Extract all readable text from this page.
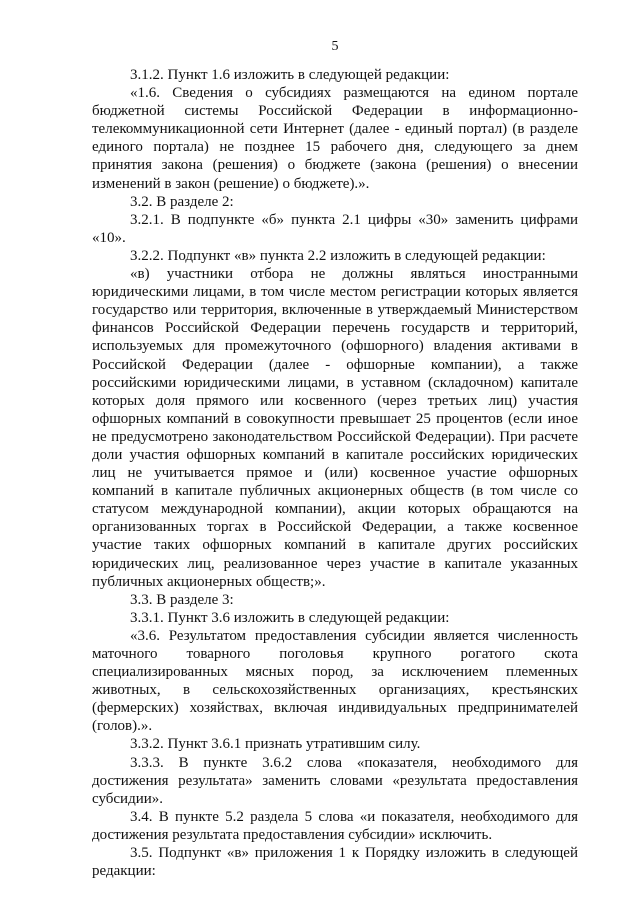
5

3.1.2. Пункт 1.6 изложить в следующей редакции:

«1.6. Сведения о субсидиях размещаются на едином портале бюджетной системы Российской Федерации в информационно-телекоммуникационной сети Интернет (далее - единый портал) (в разделе единого портала) не позднее 15 рабочего дня, следующего за днем принятия закона (решения) о бюджете (закона (решения) о внесении изменений в закон (решение) о бюджете).».

3.2. В разделе 2:

3.2.1. В подпункте «б» пункта 2.1 цифры «30» заменить цифрами «10».

3.2.2. Подпункт «в» пункта 2.2 изложить в следующей редакции:

«в) участники отбора не должны являться иностранными юридическими лицами, в том числе местом регистрации которых является государство или территория, включенные в утверждаемый Министерством финансов Российской Федерации перечень государств и территорий, используемых для промежуточного (офшорного) владения активами в Российской Федерации (далее - офшорные компании), а также российскими юридическими лицами, в уставном (складочном) капитале которых доля прямого или косвенного (через третьих лиц) участия офшорных компаний в совокупности превышает 25 процентов (если иное не предусмотрено законодательством Российской Федерации). При расчете доли участия офшорных компаний в капитале российских юридических лиц не учитывается прямое и (или) косвенное участие офшорных компаний в капитале публичных акционерных обществ (в том числе со статусом международной компании), акции которых обращаются на организованных торгах в Российской Федерации, а также косвенное участие таких офшорных компаний в капитале других российских юридических лиц, реализованное через участие в капитале указанных публичных акционерных обществ;».

3.3. В разделе 3:

3.3.1. Пункт 3.6 изложить в следующей редакции:

«3.6. Результатом предоставления субсидии является численность маточного товарного поголовья крупного рогатого скота специализированных мясных пород, за исключением племенных животных, в сельскохозяйственных организациях, крестьянских (фермерских) хозяйствах, включая индивидуальных предпринимателей (голов).».

3.3.2. Пункт 3.6.1 признать утратившим силу.

3.3.3. В пункте 3.6.2 слова «показателя, необходимого для достижения результата» заменить словами «результата предоставления субсидии».

3.4. В пункте 5.2 раздела 5 слова «и показателя, необходимого для достижения результата предоставления субсидии» исключить.

3.5. Подпункт «в» приложения 1 к Порядку изложить в следующей редакции:
